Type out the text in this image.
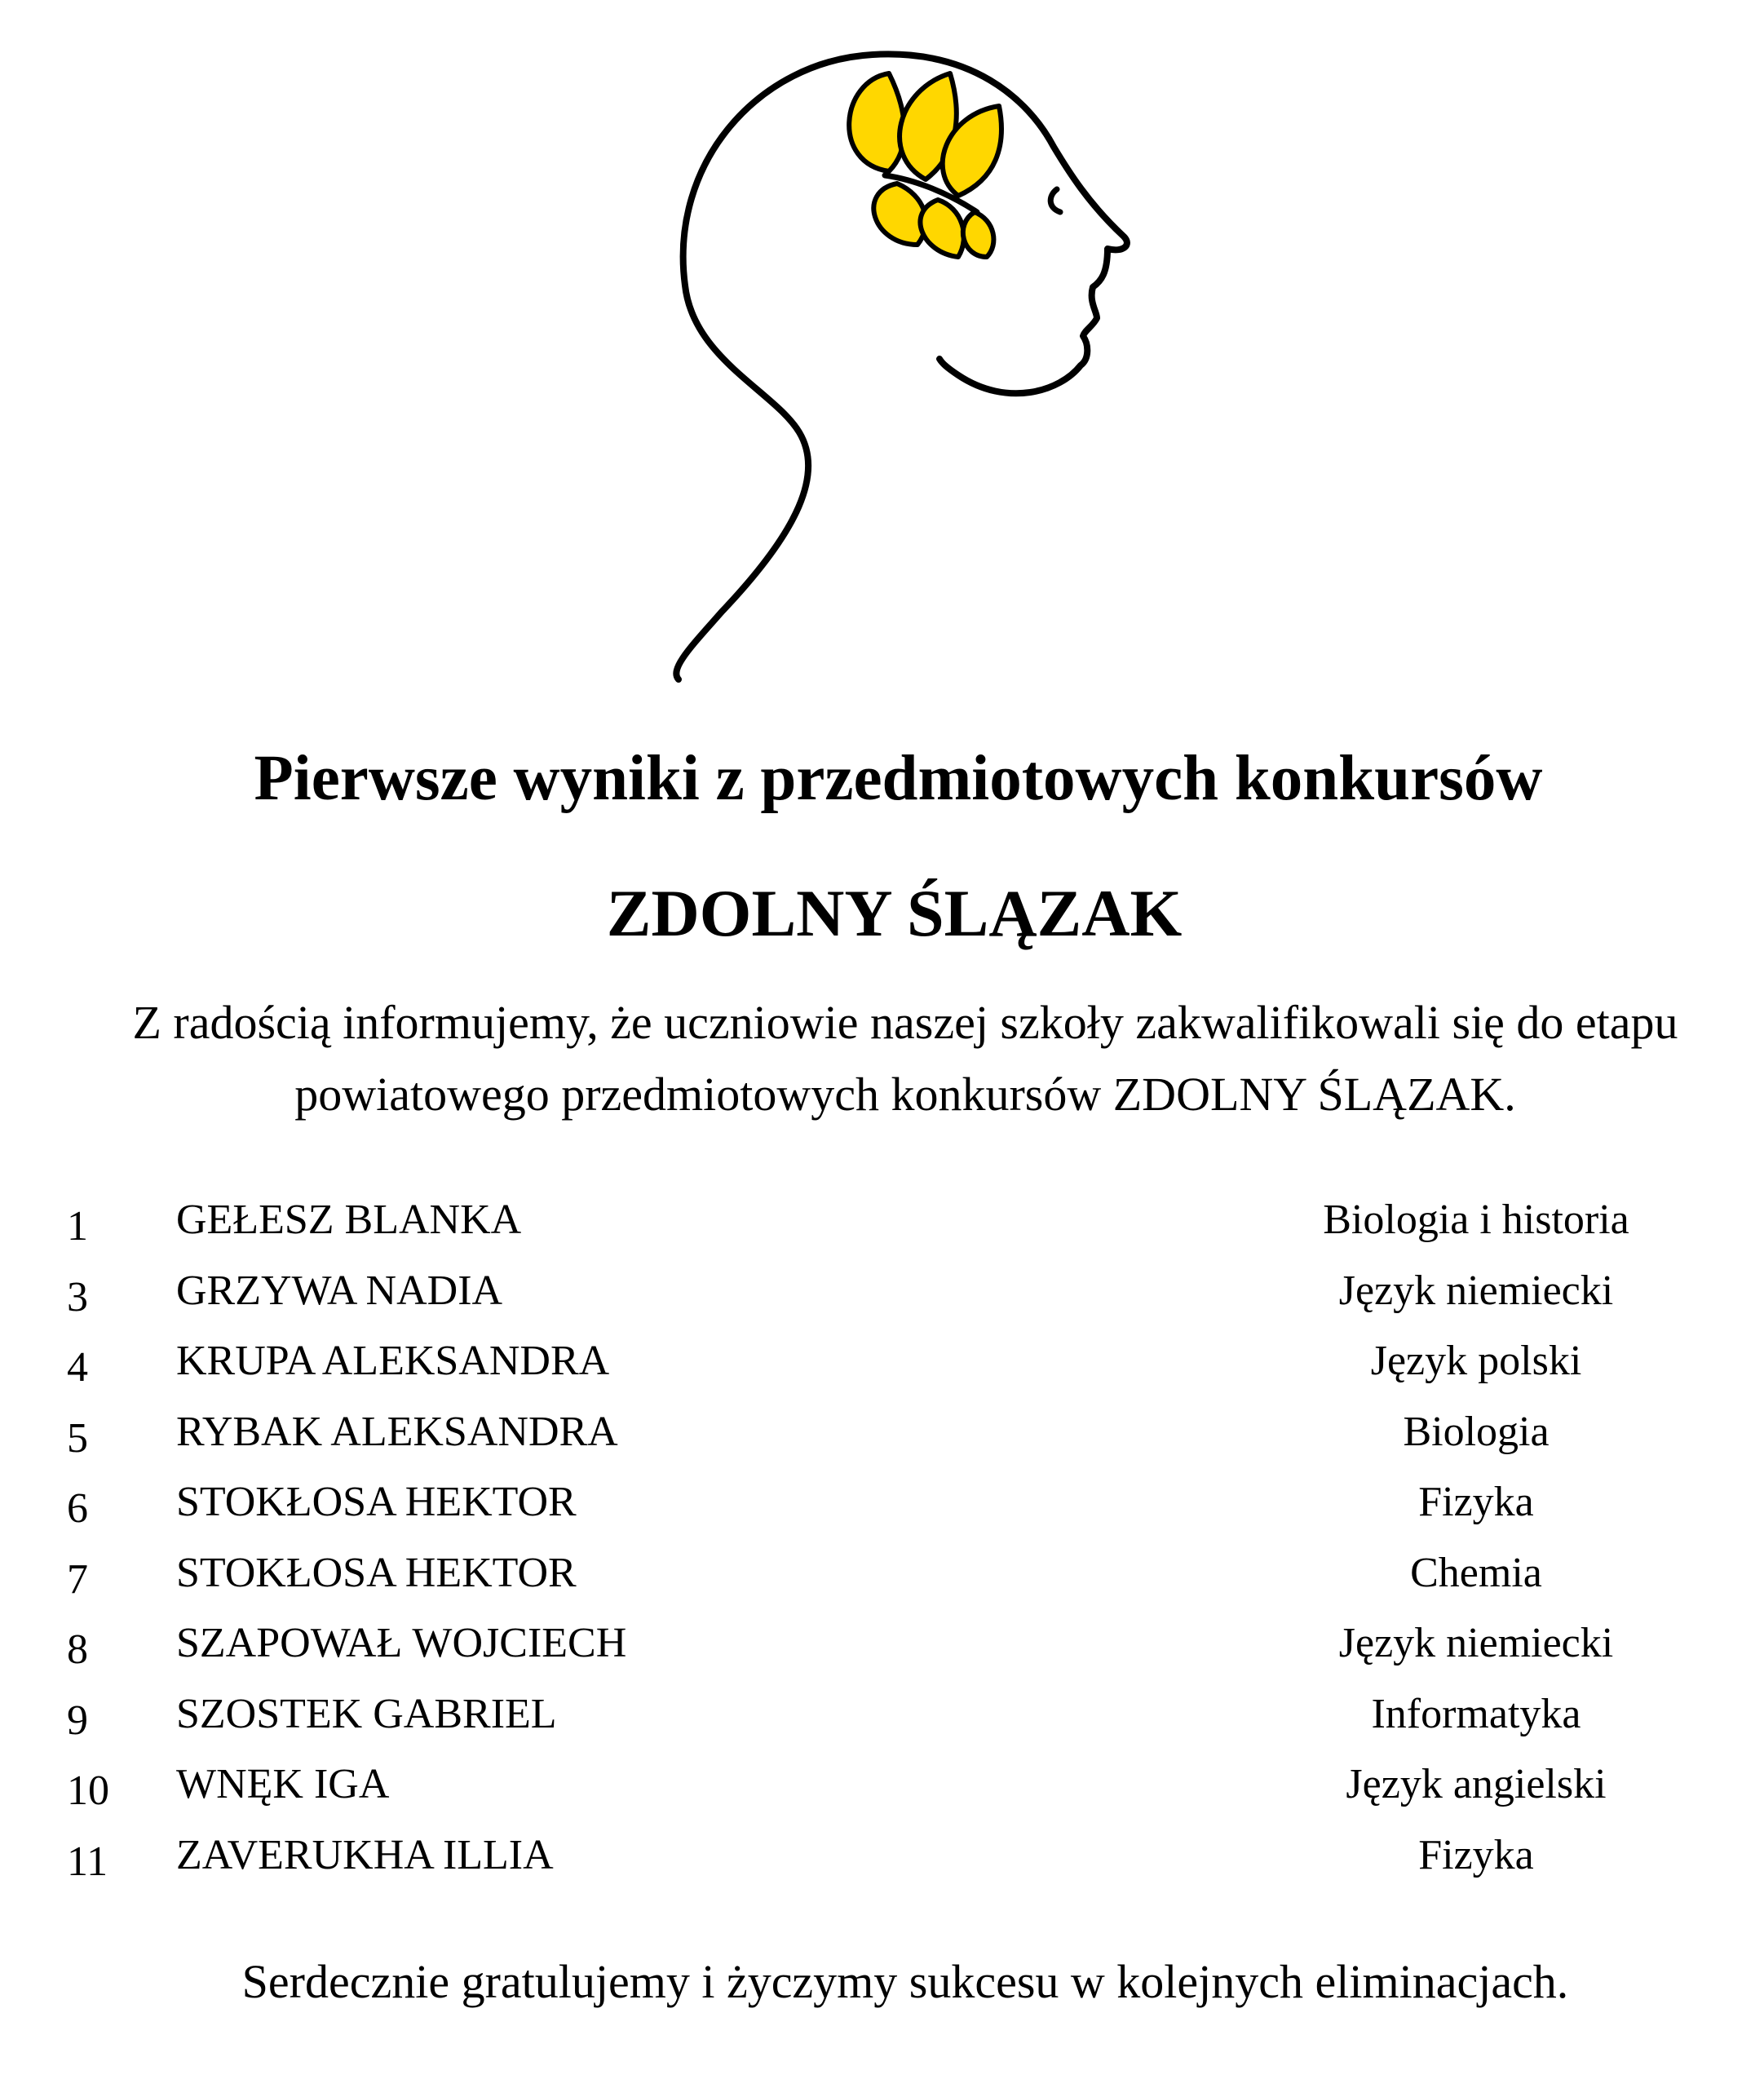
Pierwsze wyniki z przedmiotowych konkursów
ZDOLNY ŚLĄZAK

Z radością informujemy, że uczniowie naszej szkoły zakwalifikowali się do etapu powiatowego przedmiotowych konkursów ZDOLNY ŚLĄZAK.

1 GEŁESZ BLANKA	Biologia i historia
3 GRZYWA NADIA	Język niemiecki
4 KRUPA ALEKSANDRA	Język polski
5 RYBAK ALEKSANDRA	Biologia
6 STOKŁOSA HEKTOR	Fizyka
7 STOKŁOSA HEKTOR	Chemia
8 SZAPOWAŁ WOJCIECH	Język niemiecki
9 SZOSTEK GABRIEL	Informatyka
10 WNĘK IGA	Język angielski
11 ZAVERUKHA ILLIA	Fizyka

Serdecznie gratulujemy i życzymy sukcesu w kolejnych eliminacjach.
